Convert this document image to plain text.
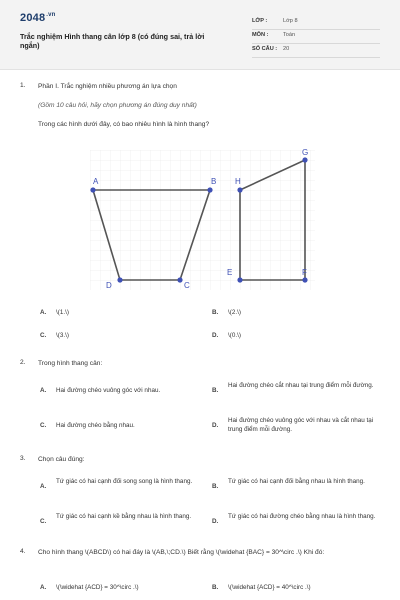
$2048^{.vn}$
Trắc nghiệm Hình thang cân lớp 8 (có đúng sai, trả lời ngắn)
LỚP :	Lớp 8
MÔN :	Toán
SỐ CÂU : 20
1. Phần I. Trắc nghiệm nhiều phương án lựa chọn
(Gồm 10 câu hỏi, hãy chọn phương án đúng duy nhất)
Trong các hình dưới đây, có bao nhiêu hình là hình thang?
A	B
C
D
E	F
G
H
A. \(1.\)	B. \(2.\)
C. \(3.\)	D. \(0.\)
2. Trong hình thang cân:
A. Hai đường chéo vuông góc với nhau.	B.
Hai đường chéo cắt nhau tại trung điểm mỗi đường.
C. Hai đường chéo bằng nhau.	D.
Hai đường chéo vuông góc với nhau và cắt nhau tại trung điểm mỗi đường.
3. Chọn câu đúng:
A.
Tứ giác có hai cạnh đối song song là hình thang.
B.
Tứ giác có hai cạnh đối bằng nhau là hình thang.
C.
Tứ giác có hai cạnh kề bằng nhau là hình thang.
D.
Tứ giác có hai đường chéo bằng nhau là hình thang.
4. Cho hình thang \(ABCD\) có hai đáy là \(AB,\;CD.\) Biết rằng \(\widehat {BAC} = 30^\circ .\) Khi đó:
A. \(\widehat {ACD} = 30^\circ .\)	B. \(\widehat {ACD} = 40^\circ .\)
